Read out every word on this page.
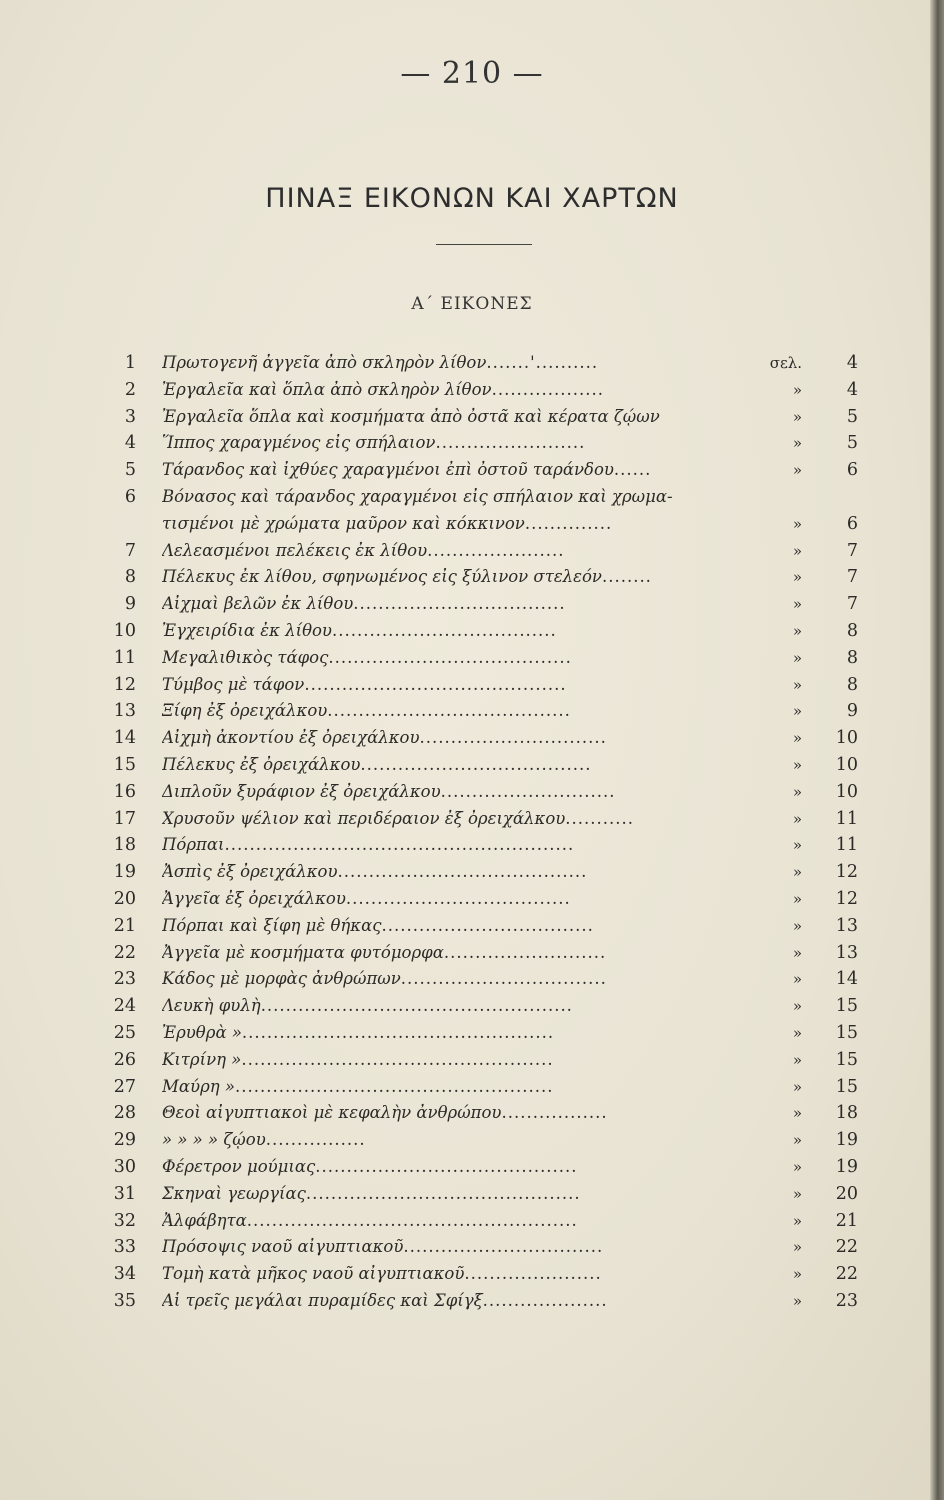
— 210 —
ΠΙΝΑΞ ΕΙΚΟΝΩΝ ΚΑΙ ΧΑΡΤΩΝ
Α΄ ΕΙΚΟΝΕΣ
1 Πρωτογενῆ ἀγγεῖα ἀπὸ σκληρὸν λίθον.......'..........	σελ.	4
2 Ἐργαλεῖα καὶ ὅπλα ἀπὸ σκληρὸν λίθον..................	»	4
3 Ἐργαλεῖα ὅπλα καὶ κοσμήματα ἀπὸ ὀστᾶ καὶ κέρατα ζῴων	»	5
4 Ἵππος χαραγμένος εἰς σπήλαιον........................	»	5
5 Τάρανδος καὶ ἰχθύες χαραγμένοι ἐπὶ ὀστοῦ ταράνδου......	»	6
6 Βόνασος καὶ τάρανδος χαραγμένοι εἰς σπήλαιον καὶ χρωμα-
τισμένοι μὲ χρώματα μαῦρον καὶ κόκκινον..............	»	6
7 Λελεασμένοι πελέκεις ἐκ λίθου......................	»	7
8 Πέλεκυς ἐκ λίθου, σφηνωμένος εἰς ξύλινον στελεόν........	»	7
9 Αἰχμαὶ βελῶν ἐκ λίθου..................................	»	7
10 Ἐγχειρίδια ἐκ λίθου....................................	»	8
11 Μεγαλιθικὸς τάφος.......................................	»	8
12 Τύμβος μὲ τάφον..........................................	»	8
13 Ξίφη ἐξ ὀρειχάλκου.......................................	»	9
14 Αἰχμὴ ἀκοντίου ἐξ ὀρειχάλκου..............................	»	10
15 Πέλεκυς ἐξ ὀρειχάλκου.....................................	»	10
16 Διπλοῦν ξυράφιον ἐξ ὀρειχάλκου............................	»	10
17 Χρυσοῦν ψέλιον καὶ περιδέραιον ἐξ ὀρειχάλκου...........	»	11
18 Πόρπαι........................................................	»	11
19 Ἀσπὶς ἐξ ὀρειχάλκου........................................	»	12
20 Ἀγγεῖα ἐξ ὀρειχάλκου....................................	»	12
21 Πόρπαι καὶ ξίφη μὲ θήκας..................................	»	13
22 Ἀγγεῖα μὲ κοσμήματα φυτόμορφα..........................	»	13
23 Κάδος μὲ μορφὰς ἀνθρώπων.................................	»	14
24 Λευκὴ φυλὴ..................................................	»	15
25 Ἐρυθρὰ »..................................................	»	15
26 Κιτρίνη »..................................................	»	15
27 Μαύρη »...................................................	»	15
28 Θεοὶ αἰγυπτιακοὶ μὲ κεφαλὴν ἀνθρώπου.................	»	18
29 » » » » ζῴου................	»	19
30 Φέρετρον μούμιας..........................................	»	19
31 Σκηναὶ γεωργίας............................................	»	20
32 Ἀλφάβητα.....................................................	»	21
33 Πρόσοψις ναοῦ αἰγυπτιακοῦ................................	»	22
34 Τομὴ κατὰ μῆκος ναοῦ αἰγυπτιακοῦ......................	»	22
35 Αἱ τρεῖς μεγάλαι πυραμίδες καὶ Σφίγξ....................	»	23
